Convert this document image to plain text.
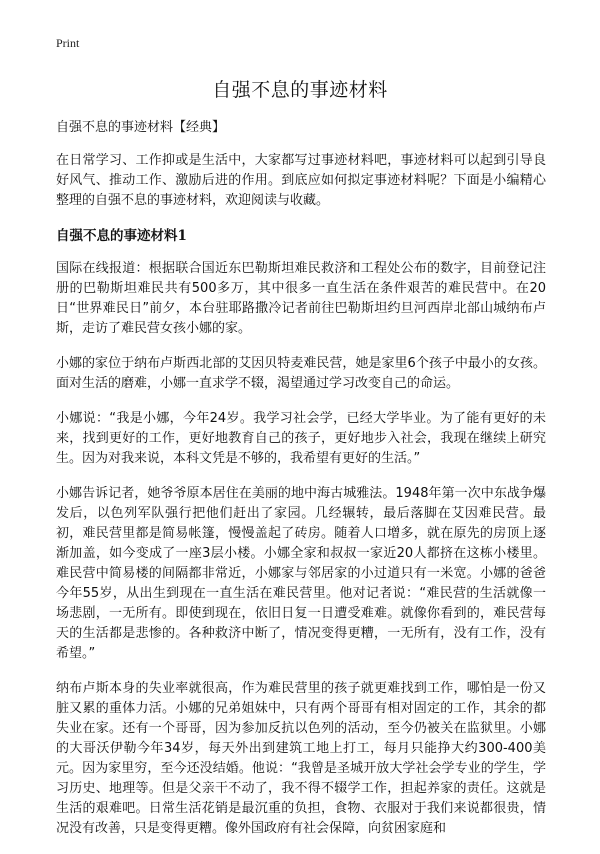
Print
自强不息的事迹材料

自强不息的事迹材料【经典】

在日常学习、工作抑或是生活中，大家都写过事迹材料吧，事迹材料可以起到引导良好风气、推动工作、激励后进的作用。到底应如何拟定事迹材料呢？下面是小编精心整理的自强不息的事迹材料，欢迎阅读与收藏。

自强不息的事迹材料1

国际在线报道：根据联合国近东巴勒斯坦难民救济和工程处公布的数字，目前登记注册的巴勒斯坦难民共有500多万，其中很多一直生活在条件艰苦的难民营中。在20日“世界难民日”前夕，本台驻耶路撒冷记者前往巴勒斯坦约旦河西岸北部山城纳布卢斯，走访了难民营女孩小娜的家。

小娜的家位于纳布卢斯西北部的艾因贝特麦难民营，她是家里6个孩子中最小的女孩。面对生活的磨难，小娜一直求学不辍，渴望通过学习改变自己的命运。

小娜说：“我是小娜，今年24岁。我学习社会学，已经大学毕业。为了能有更好的未来，找到更好的工作，更好地教育自己的孩子，更好地步入社会，我现在继续上研究生。因为对我来说，本科文凭是不够的，我希望有更好的生活。”

小娜告诉记者，她爷爷原本居住在美丽的地中海古城雅法。1948年第一次中东战争爆发后，以色列军队强行把他们赶出了家园。几经辗转，最后落脚在艾因难民营。最初，难民营里都是简易帐篷，慢慢盖起了砖房。随着人口增多，就在原先的房顶上逐渐加盖，如今变成了一座3层小楼。小娜全家和叔叔一家近20人都挤在这栋小楼里。难民营中简易楼的间隔都非常近，小娜家与邻居家的小过道只有一米宽。小娜的爸爸今年55岁，从出生到现在一直生活在难民营里。他对记者说：“难民营的生活就像一场悲剧，一无所有。即使到现在，依旧日复一日遭受难难。就像你看到的，难民营每天的生活都是悲惨的。各种救济中断了，情况变得更糟，一无所有，没有工作，没有希望。”

纳布卢斯本身的失业率就很高，作为难民营里的孩子就更难找到工作，哪怕是一份又脏又累的重体力活。小娜的兄弟姐妹中，只有两个哥哥有相对固定的工作，其余的都失业在家。还有一个哥哥，因为参加反抗以色列的活动，至今仍被关在监狱里。小娜的大哥沃伊勒今年34岁，每天外出到建筑工地上打工，每月只能挣大约300-400美元。因为家里穷，至今还没结婚。他说：“我曾是圣城开放大学社会学专业的学生，学习历史、地理等。但是父亲干不动了，我不得不辍学工作，担起养家的责任。这就是生活的艰难吧。日常生活花销是最沉重的负担，食物、衣服对于我们来说都很贵，情况没有改善，只是变得更糟。像外国政府有社会保障，向贫困家庭和
